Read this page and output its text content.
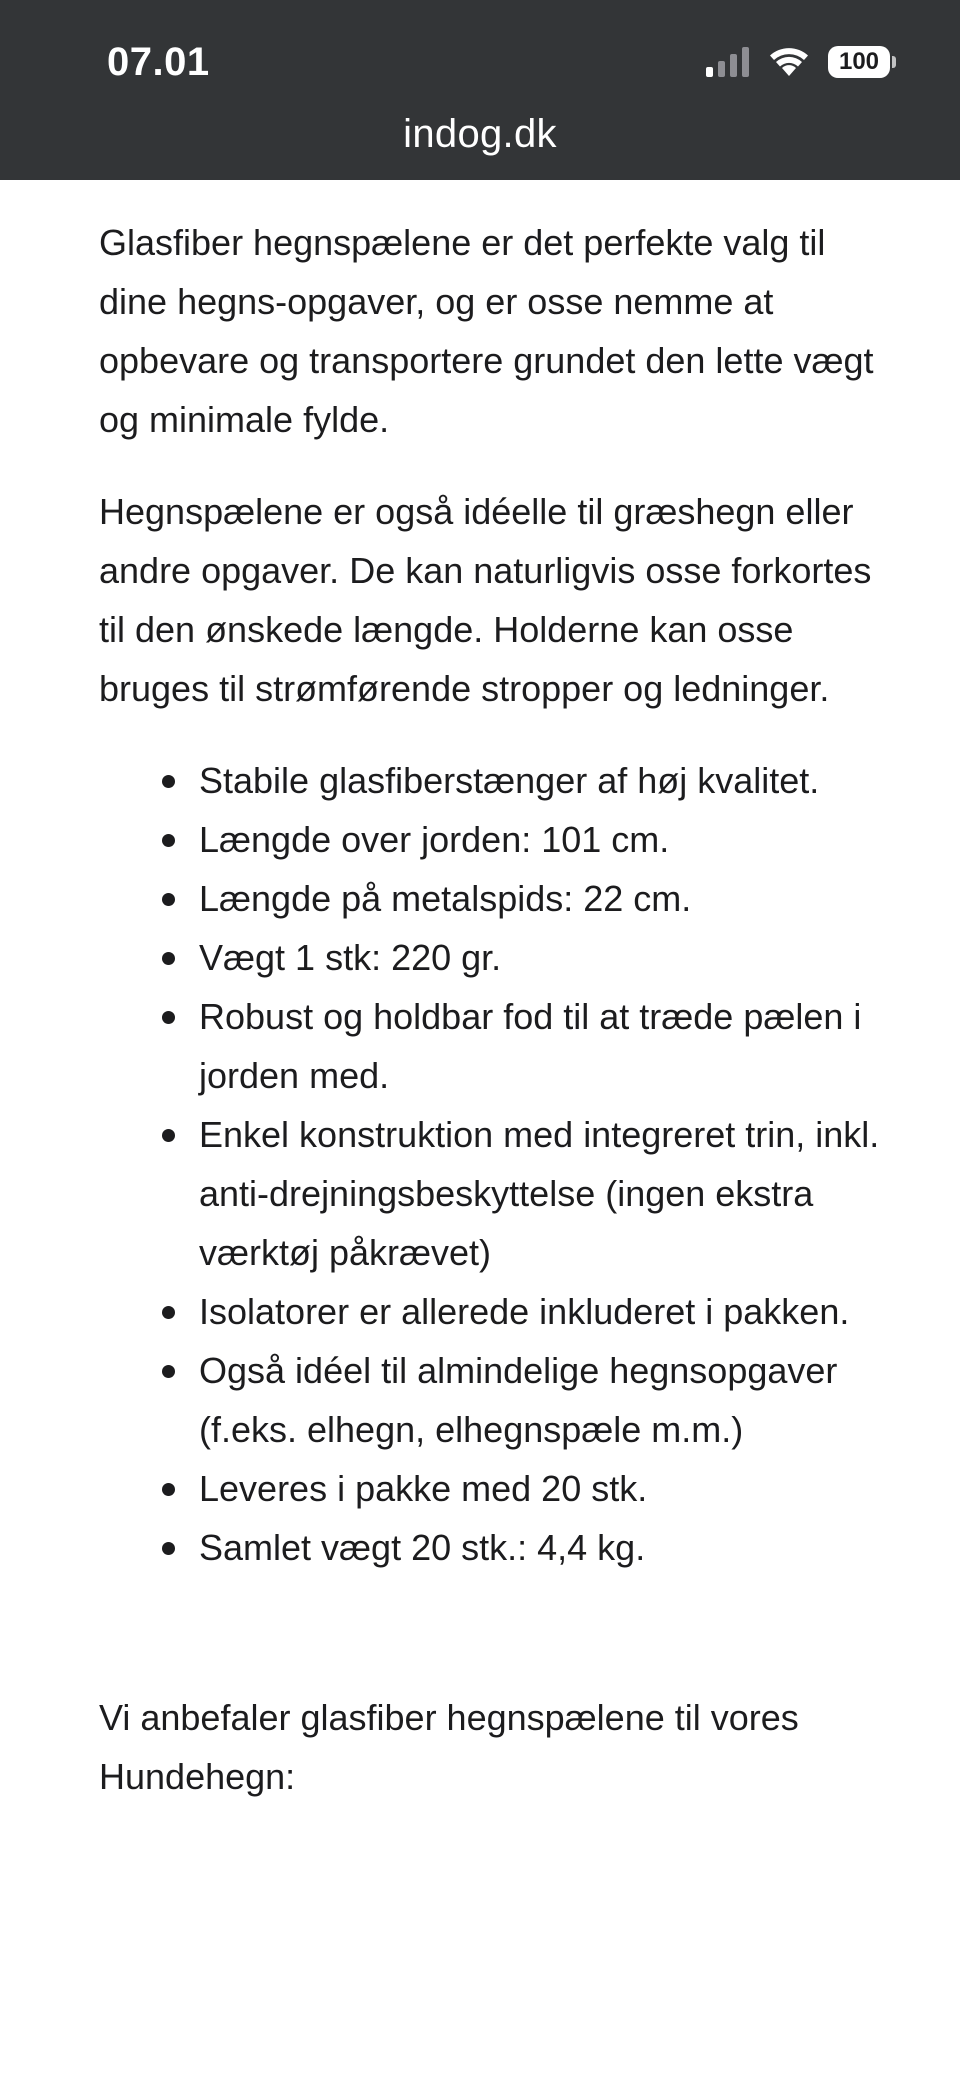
07.01	100
indog.dk

Glasfiber hegnspælene er det perfekte valg til dine hegns-opgaver, og er osse nemme at opbevare og transportere grundet den lette vægt og minimale fylde.

Hegnspælene er også idéelle til græshegn eller andre opgaver. De kan naturligvis osse forkortes til den ønskede længde. Holderne kan osse bruges til strømførende stropper og ledninger.

Stabile glasfiberstænger af høj kvalitet.
Længde over jorden: 101 cm.
Længde på metalspids: 22 cm.
Vægt 1 stk: 220 gr.
Robust og holdbar fod til at træde pælen i jorden med.
Enkel konstruktion med integreret trin, inkl. anti-drejningsbeskyttelse (ingen ekstra værktøj påkrævet)
Isolatorer er allerede inkluderet i pakken.
Også idéel til almindelige hegnsopgaver (f.eks. elhegn, elhegnspæle m.m.)
Leveres i pakke med 20 stk.
Samlet vægt 20 stk.: 4,4 kg.

Vi anbefaler glasfiber hegnspælene til vores Hundehegn:
